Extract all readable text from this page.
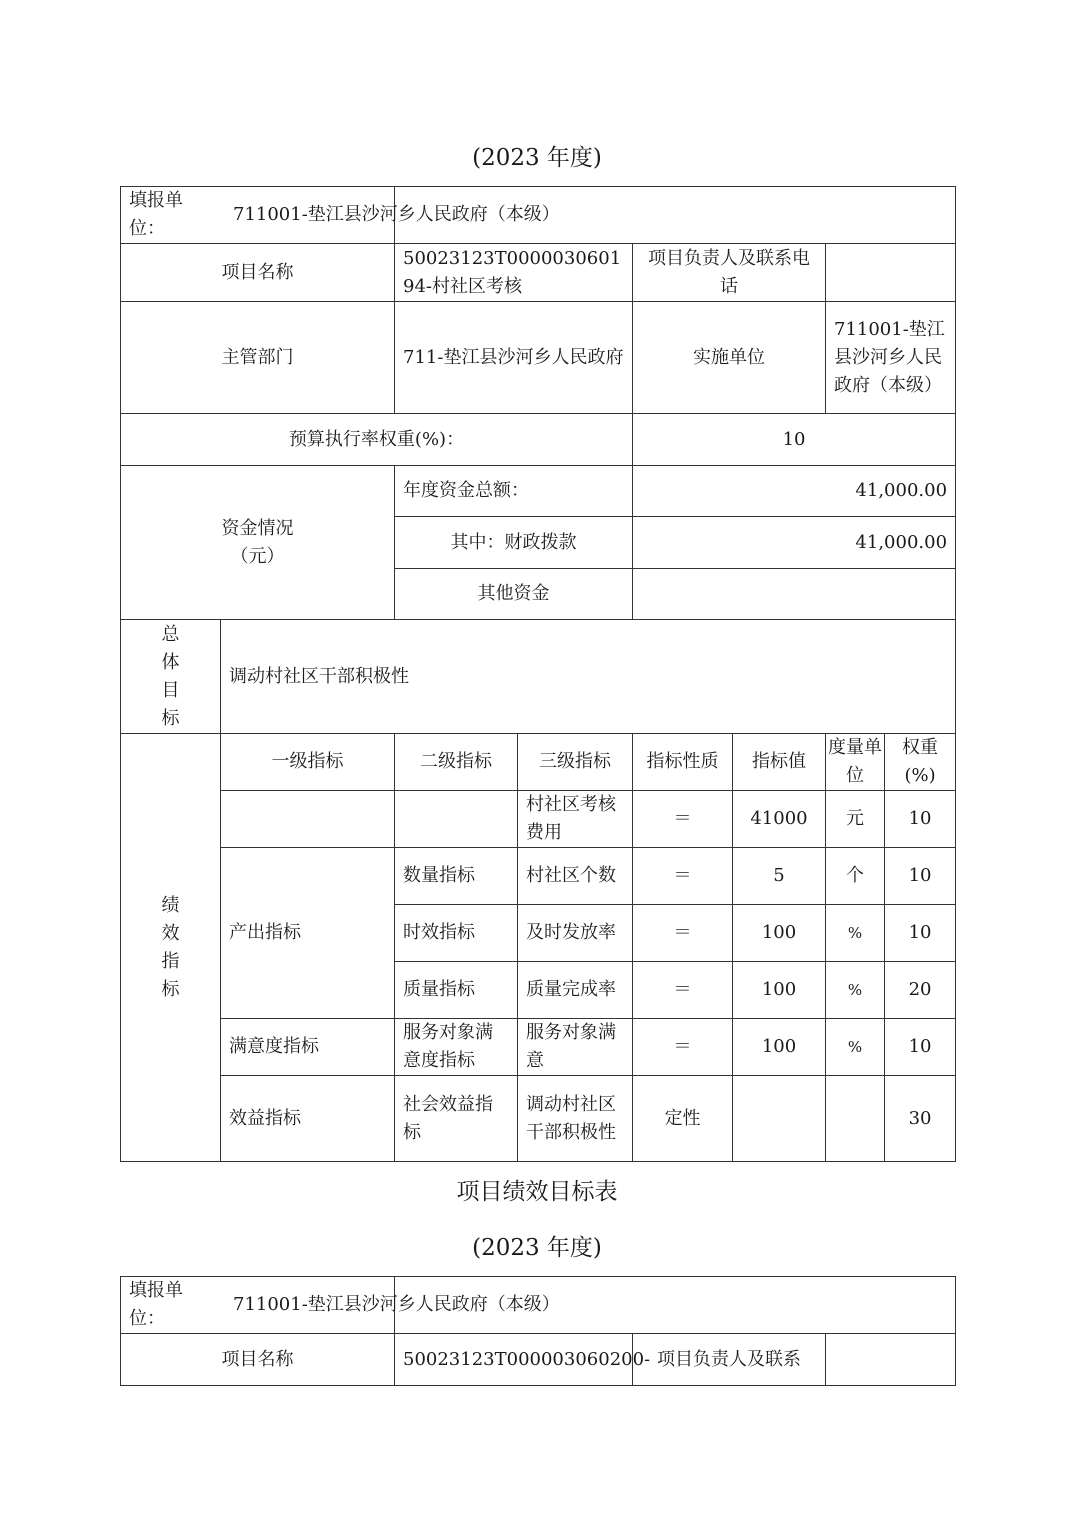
(2023 年度)
填报单位：		711001-垫江县沙河乡人民政府（本级）					

项目名称		50023123T000003060194-村社区考核		项目负责人及联系电话			
主管部门		711-垫江县沙河乡人民政府		实施单位		711001-垫江县沙河乡人民政府（本级）	
预算执行率权重(%)：				10			

资金情况（元）		年度资金总额：		41,000.00			
		其中：财政拨款		41,000.00			
		其他资金					

总体目标	调动村社区干部积极性						

绩效指标	一级指标	二级指标	三级指标	指标性质	指标值	度量单位	权重(%)
			村社区考核费用	＝	41000	元	10
	产出指标	数量指标	村社区个数	＝	5	个	10
		时效指标	及时发放率	＝	100	%	10
		质量指标	质量完成率	＝	100	%	20
	满意度指标	服务对象满意度指标	服务对象满意	＝	100	%	10
	效益指标	社会效益指标	调动村社区干部积极性	定性			30
项目绩效目标表
(2023 年度)
填报单位：	711001-垫江县沙河乡人民政府（本级）		

项目名称	50023123T000003060200-	项目负责人及联系	
